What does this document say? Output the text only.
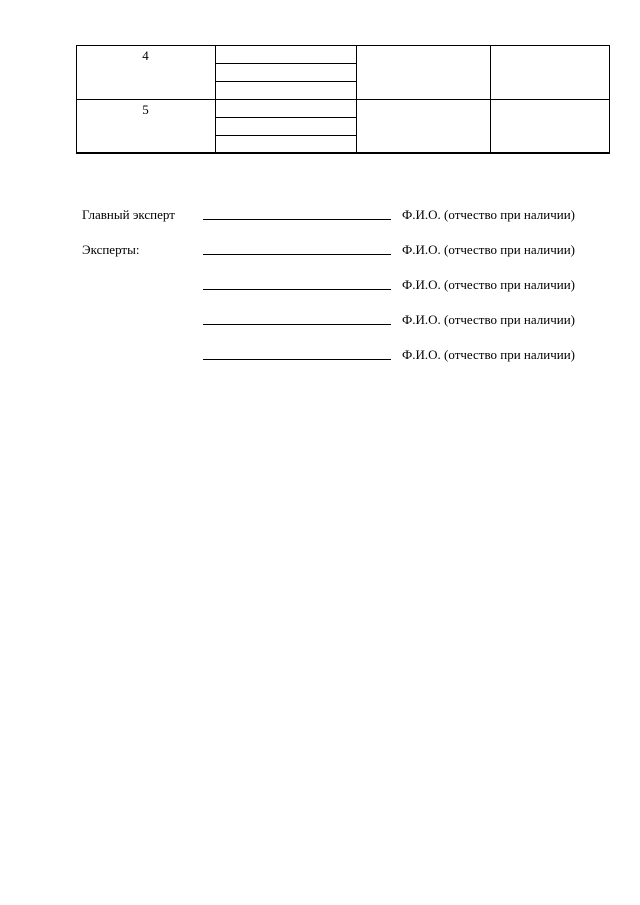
4
5
Главный эксперт	Ф.И.О. (отчество при наличии)
Эксперты:	Ф.И.О. (отчество при наличии)
Ф.И.О. (отчество при наличии)
Ф.И.О. (отчество при наличии)
Ф.И.О. (отчество при наличии)
